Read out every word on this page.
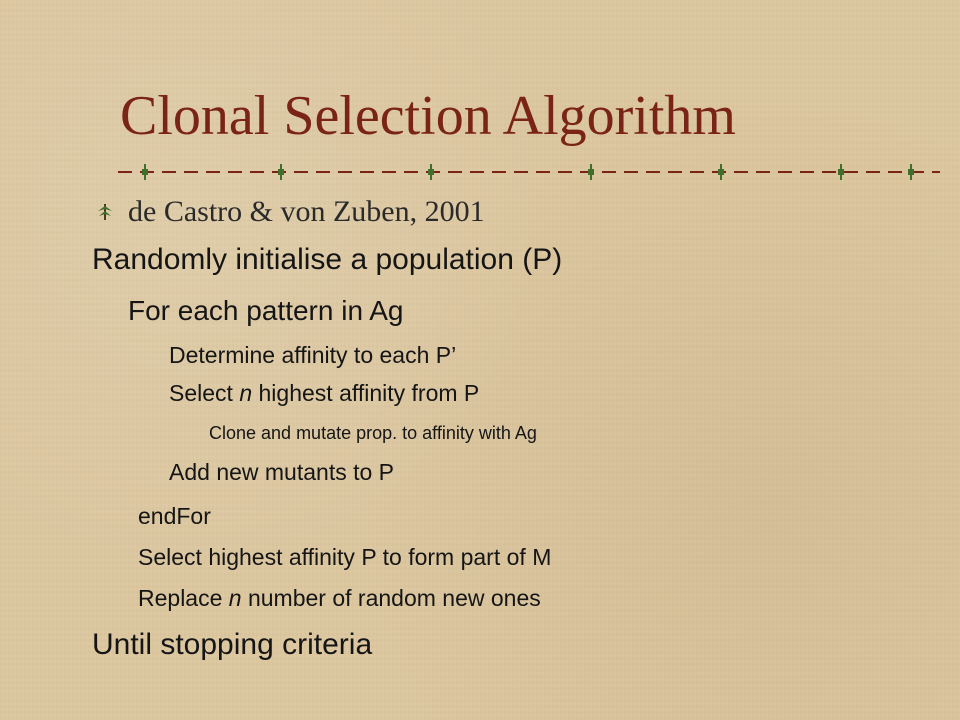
Clonal Selection Algorithm
de Castro & von Zuben, 2001

Randomly initialise a population (P)

For each pattern in Ag

Determine affinity to each P’

Select n highest affinity from P

Clone and mutate prop. to affinity with Ag

Add new mutants to P

endFor

Select highest affinity P to form part of M

Replace n number of random new ones

Until stopping criteria
